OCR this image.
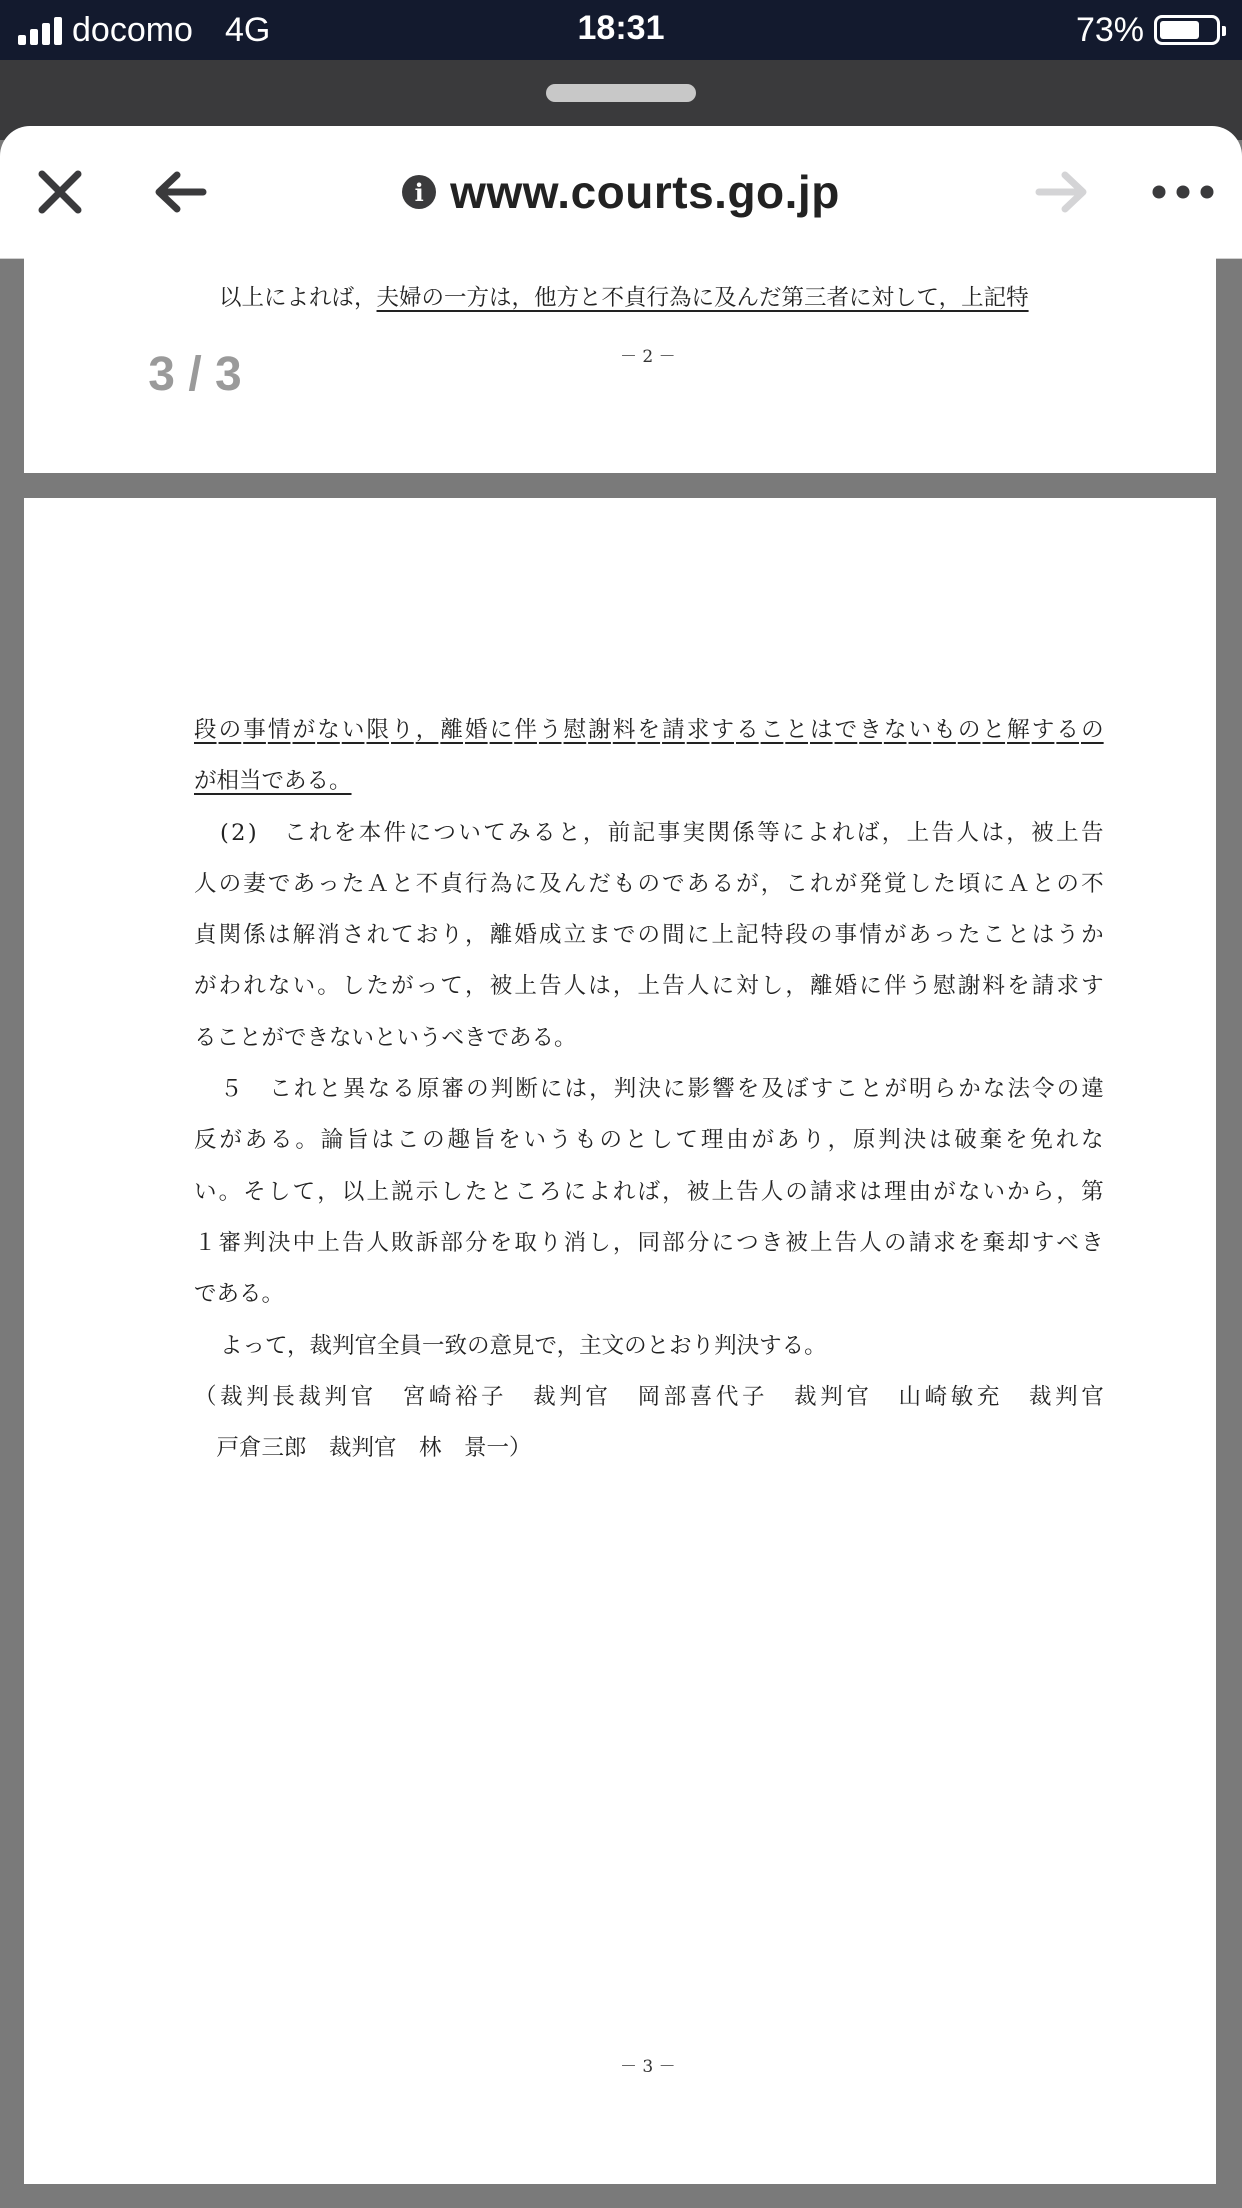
docomo 4G	18:31	73%
i www.courts.go.jp
以上によれば，夫婦の一方は，他方と不貞行為に及んだ第三者に対して，上記特
－ 2 －
3 / 3
段 の 事 情 が な い 限 り ， 離 婚 に 伴 う 慰 謝 料 を 請 求 す る こ と は で き な い も の と 解 す る の
が相当である。
( 2 )
　 こ れ を 本 件 に つ い て み る と ， 前 記 事 実 関 係 等 に よ れ ば ， 上 告 人 は ， 被 上 告
人 の 妻 で あ っ た Ａ と 不 貞 行 為 に 及 ん だ も の で あ る が ， こ れ が 発 覚 し た 頃 に Ａ と の 不
貞 関 係 は 解 消 さ れ て お り ， 離 婚 成 立 ま で の 間 に 上 記 特 段 の 事 情 が あ っ た こ と は う か
が わ れ な い 。 し た が っ て ， 被 上 告 人 は ， 上 告 人 に 対 し ， 離 婚 に 伴 う 慰 謝 料 を 請 求 す
ることができないというべきである。
５
　 こ れ と 異 な る 原 審 の 判 断 に は ， 判 決 に 影 響 を 及 ぼ す こ と が 明 ら か な 法 令 の 違
反 が あ る 。 論 旨 は こ の 趣 旨 を い う も の と し て 理 由 が あ り ， 原 判 決 は 破 棄 を 免 れ な
い 。 そ し て ， 以 上 説 示 し た と こ ろ に よ れ ば ， 被 上 告 人 の 請 求 は 理 由 が な い か ら ， 第
１ 審 判 決 中 上 告 人 敗 訴 部 分 を 取 り 消 し ， 同 部 分 に つ き 被 上 告 人 の 請 求 を 棄 却 す べ き
である。
よって，裁判官全員一致の意見で，主文のとおり判決する。
（ 裁 判 長 裁 判 官
　 宮 崎 裕 子
　 裁 判 官
　 岡 部 喜 代 子
　 裁 判 官
　 山 崎 敏 充
　 裁 判 官
　戸倉三郎　裁判官　林　景一）
－ 3 －
